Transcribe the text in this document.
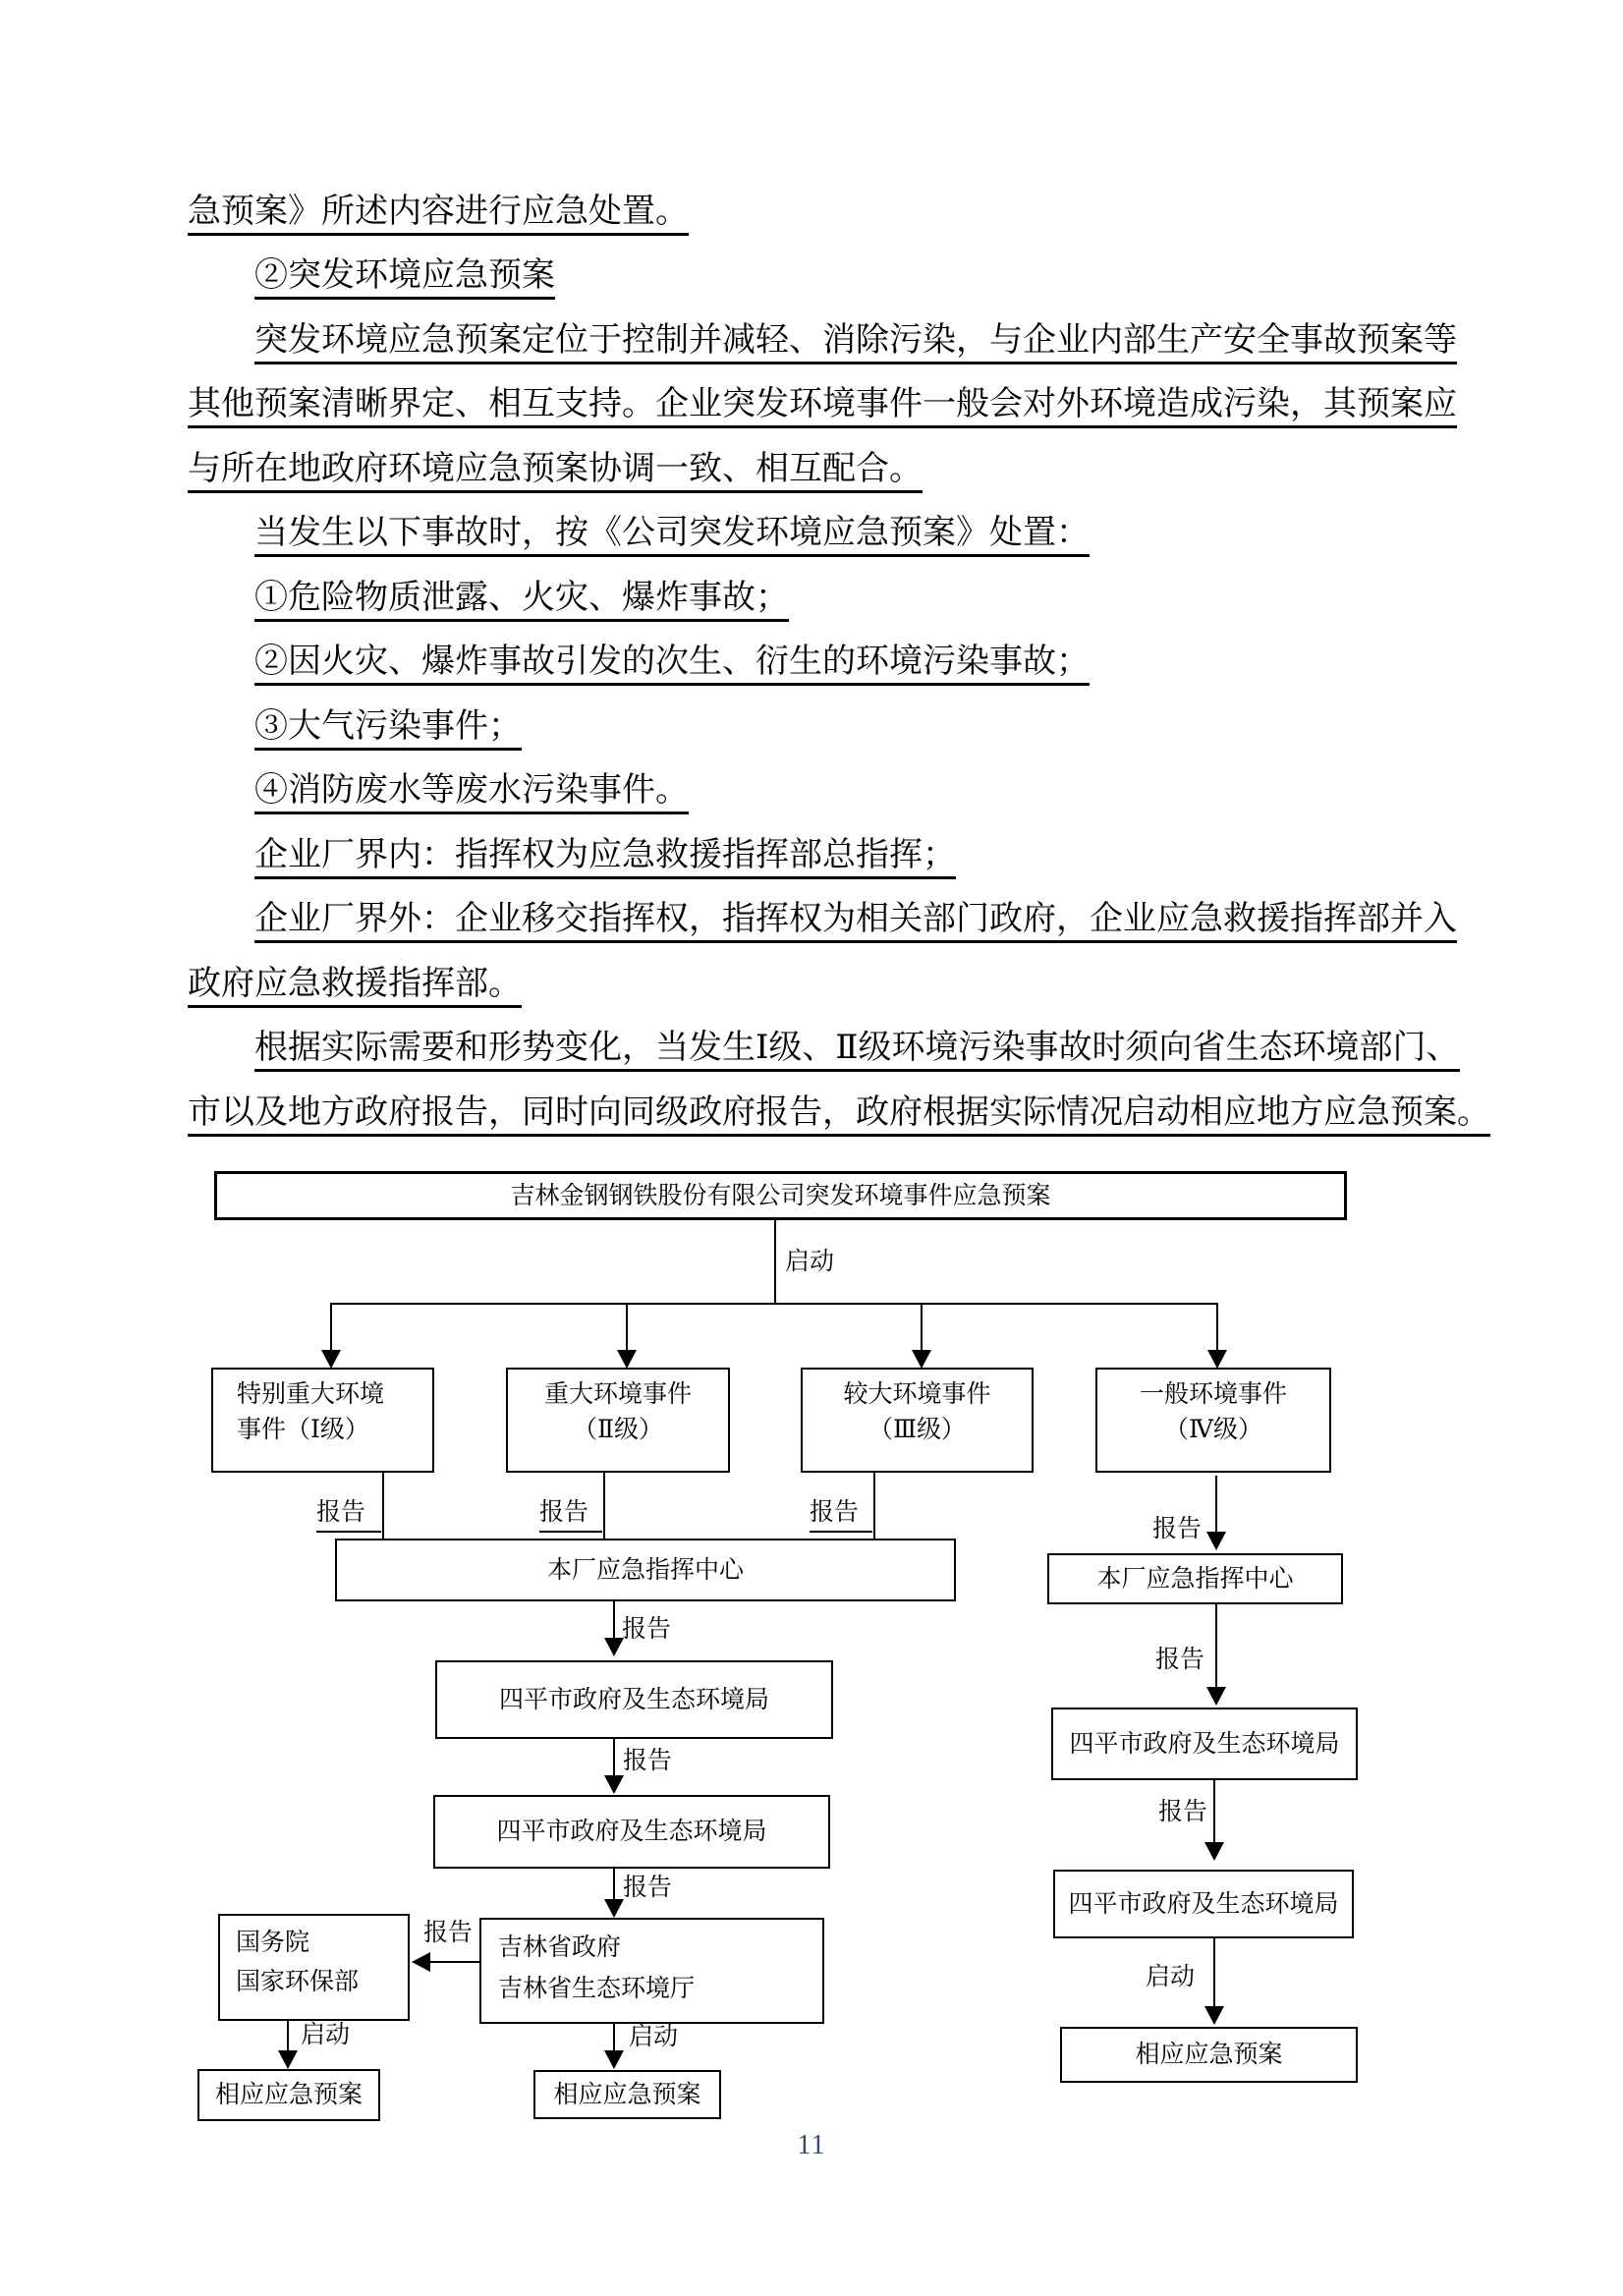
急预案》所述内容进行应急处置。
②突发环境应急预案
突发环境应急预案定位于控制并减轻、消除污染，与企业内部生产安全事故预案等
其他预案清晰界定、相互支持。企业突发环境事件一般会对外环境造成污染，其预案应
与所在地政府环境应急预案协调一致、相互配合。
当发生以下事故时，按《公司突发环境应急预案》处置：
①危险物质泄露、火灾、爆炸事故；
②因火灾、爆炸事故引发的次生、衍生的环境污染事故；
③大气污染事件；
④消防废水等废水污染事件。
企业厂界内：指挥权为应急救援指挥部总指挥；
企业厂界外：企业移交指挥权，指挥权为相关部门政府，企业应急救援指挥部并入
政府应急救援指挥部。
根据实际需要和形势变化，当发生Ⅰ级、Ⅱ级环境污染事故时须向省生态环境部门、
市以及地方政府报告，同时向同级政府报告，政府根据实际情况启动相应地方应急预案。
吉林金钢钢铁股份有限公司突发环境事件应急预案
启动
特别重大环境
事件（Ⅰ级）
重大环境事件
（Ⅱ级）
较大环境事件
（Ⅲ级）
一般环境事件
（Ⅳ级）
报告	报告	报告
本厂应急指挥中心
报告
四平市政府及生态环境局
报告
四平市政府及生态环境局
报告
吉林省政府
吉林省生态环境厅
报告
国务院
国家环保部
启动
相应应急预案
启动
相应应急预案
报告
本厂应急指挥中心
报告
四平市政府及生态环境局
报告
四平市政府及生态环境局
启动
相应应急预案
11
